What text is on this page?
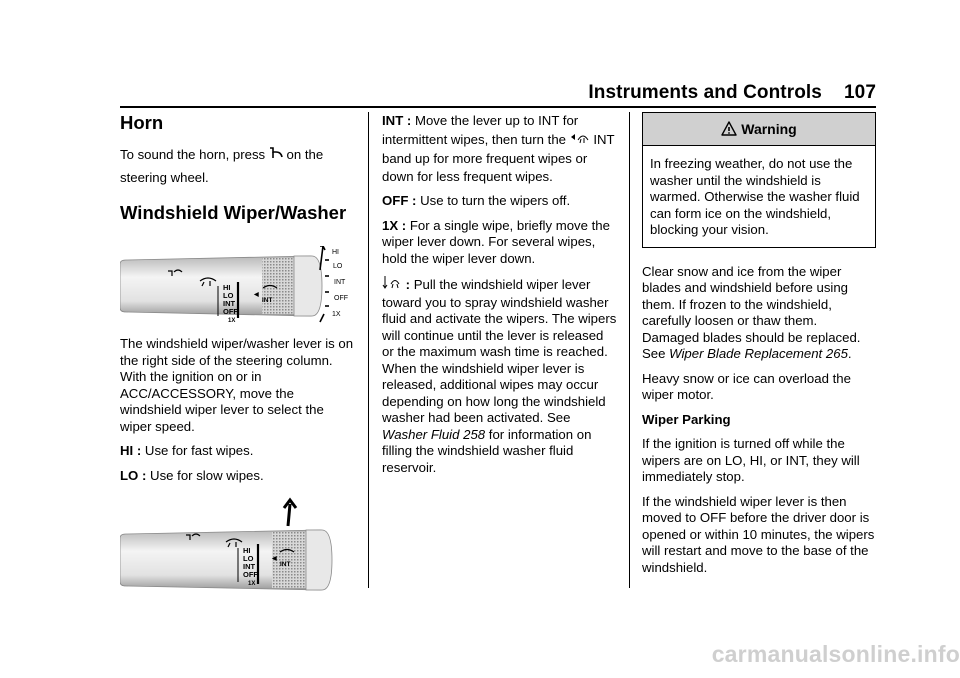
Instruments and Controls 107
Horn

To sound the horn, press  on the steering wheel.

Windshield Wiper/Washer
HI
LO
INT
OFF
1X
INT
◀
HI
LO
INT
OFF
1X

The windshield wiper/washer lever is on the right side of the steering column. With the ignition on or in ACC/ACCESSORY, move the windshield wiper lever to select the wiper speed.

HI : Use for fast wipes.

LO : Use for slow wipes.

HI
LO
INT
OFF
1X
INT
◀

INT : Move the lever up to INT for intermittent wipes, then turn the  INT band up for more frequent wipes or down for less frequent wipes.

OFF : Use to turn the wipers off.

1X : For a single wipe, briefly move the wiper lever down. For several wipes, hold the wiper lever down.

: Pull the windshield wiper lever toward you to spray windshield washer fluid and activate the wipers. The wipers will continue until the lever is released or the maximum wash time is reached. When the windshield wiper lever is released, additional wipes may occur depending on how long the windshield washer had been activated. See Washer Fluid 258 for information on filling the windshield washer fluid reservoir.

Warning
In freezing weather, do not use the washer until the windshield is warmed. Otherwise the washer fluid can form ice on the windshield, blocking your vision.

Clear snow and ice from the wiper blades and windshield before using them. If frozen to the windshield, carefully loosen or thaw them. Damaged blades should be replaced. See Wiper Blade Replacement 265.

Heavy snow or ice can overload the wiper motor.

Wiper Parking

If the ignition is turned off while the wipers are on LO, HI, or INT, they will immediately stop.

If the windshield wiper lever is then moved to OFF before the driver door is opened or within 10 minutes, the wipers will restart and move to the base of the windshield.

carmanualsonline.info
